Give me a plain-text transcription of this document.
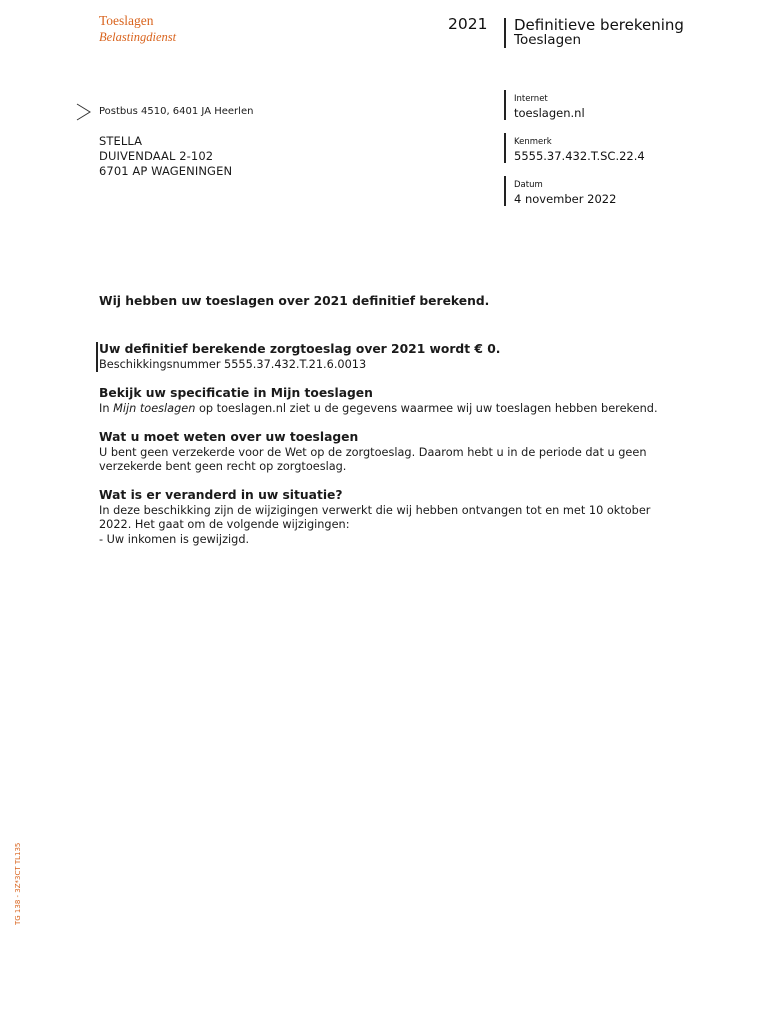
Toeslagen
Belastingdienst
2021 Definitieve berekening
Toeslagen
Postbus 4510, 6401 JA Heerlen
STELLA
DUIVENDAAL 2-102
6701 AP WAGENINGEN
Internet
toeslagen.nl
Kenmerk
5555.37.432.T.SC.22.4
Datum
4 november 2022
Wij hebben uw toeslagen over 2021 definitief berekend.
Uw definitief berekende zorgtoeslag over 2021 wordt € 0.
Beschikkingsnummer 5555.37.432.T.21.6.0013
Bekijk uw specificatie in Mijn toeslagen
In Mijn toeslagen op toeslagen.nl ziet u de gegevens waarmee wij uw toeslagen hebben berekend.
Wat u moet weten over uw toeslagen
U bent geen verzekerde voor de Wet op de zorgtoeslag. Daarom hebt u in de periode dat u geen
verzekerde bent geen recht op zorgtoeslag.
Wat is er veranderd in uw situatie?
In deze beschikking zijn de wijzigingen verwerkt die wij hebben ontvangen tot en met 10 oktober
2022. Het gaat om de volgende wijzigingen:
- Uw inkomen is gewijzigd.
TG 138 - 3Z*3CT TL135
